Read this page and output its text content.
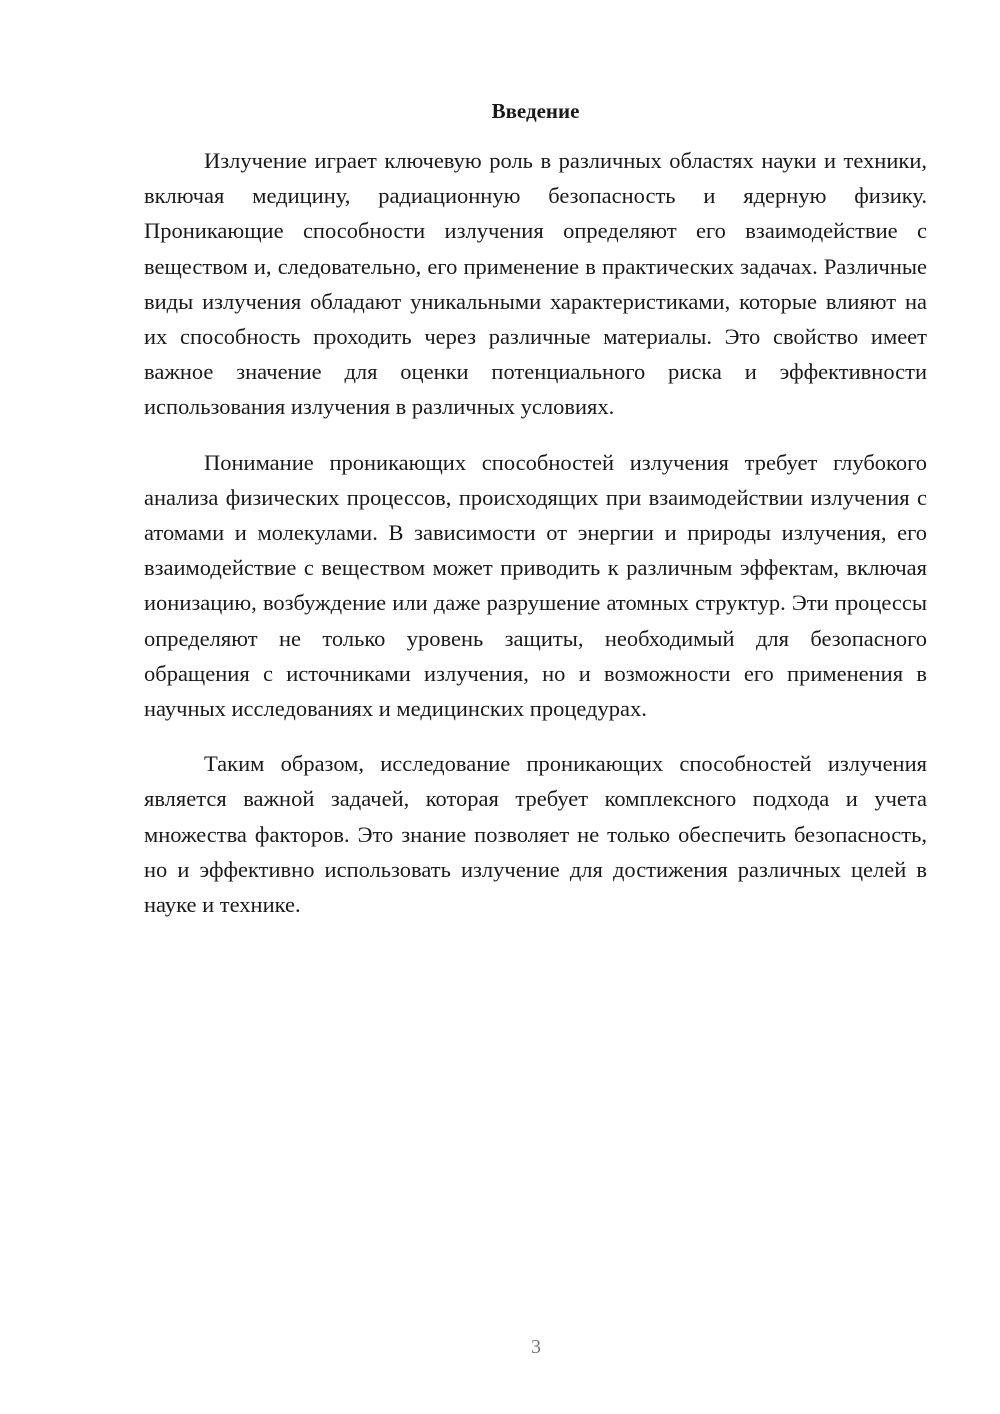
Введение

Излучение играет ключевую роль в различных областях науки и техники, включая медицину, радиационную безопасность и ядерную физику. Проникающие способности излучения определяют его взаимодействие с веществом и, следовательно, его применение в практических задачах. Различные виды излучения обладают уникальными характеристиками, которые влияют на их способность проходить через различные материалы. Это свойство имеет важное значение для оценки потенциального риска и эффективности использования излучения в различных условиях.

Понимание проникающих способностей излучения требует глубокого анализа физических процессов, происходящих при взаимодействии излучения с атомами и молекулами. В зависимости от энергии и природы излучения, его взаимодействие с веществом может приводить к различным эффектам, включая ионизацию, возбуждение или даже разрушение атомных структур. Эти процессы определяют не только уровень защиты, необходимый для безопасного обращения с источниками излучения, но и возможности его применения в научных исследованиях и медицинских процедурах.

Таким образом, исследование проникающих способностей излучения является важной задачей, которая требует комплексного подхода и учета множества факторов. Это знание позволяет не только обеспечить безопасность, но и эффективно использовать излучение для достижения различных целей в науке и технике.

3
